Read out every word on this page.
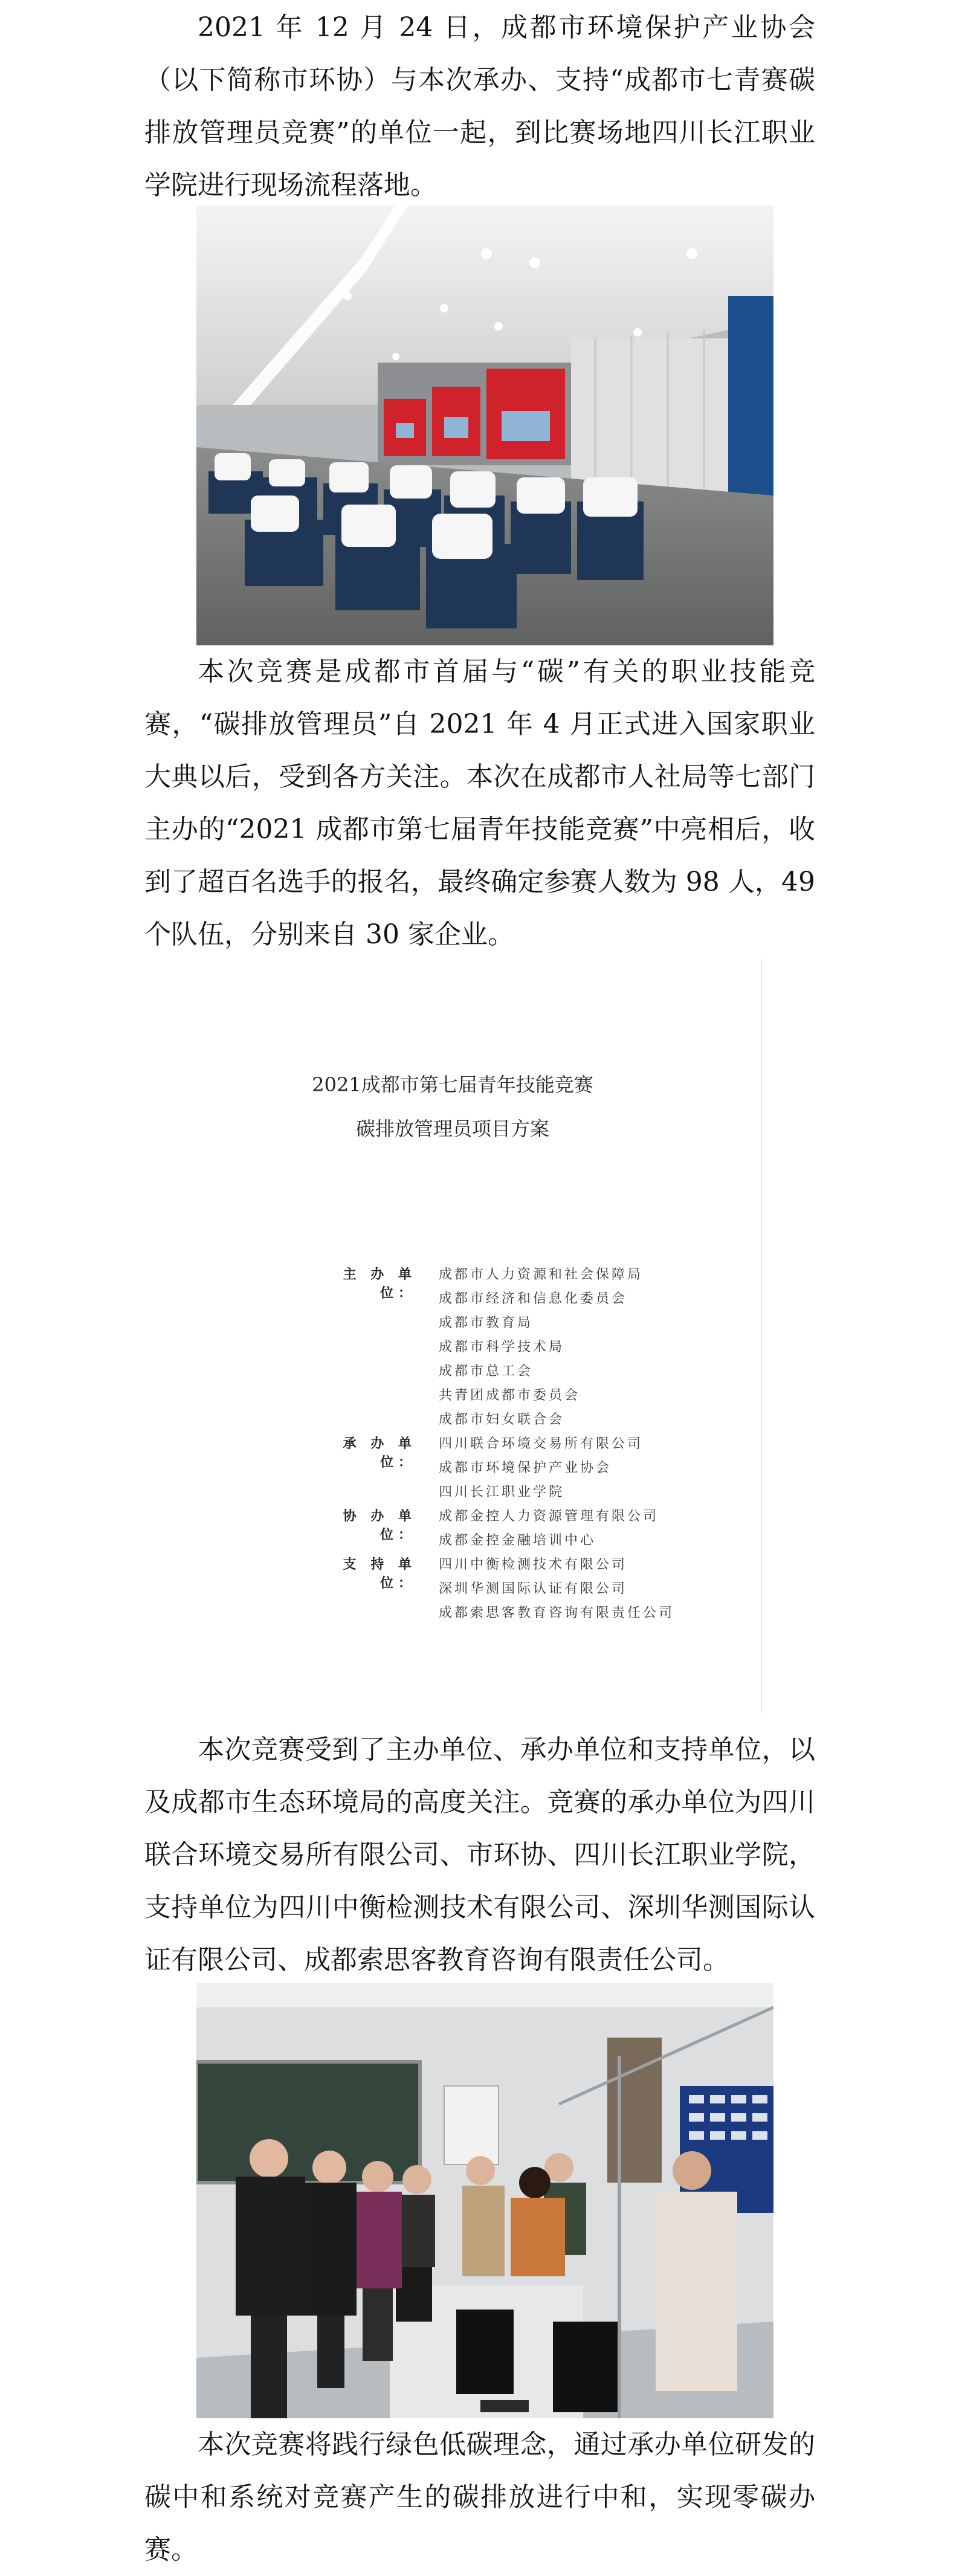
2021 年 12 月 24 日，成都市环境保护产业协会（以下简称市环协）与本次承办、支持“成都市七青赛碳排放管理员竞赛”的单位一起，到比赛场地四川长江职业学院进行现场流程落地。

本次竞赛是成都市首届与“碳”有关的职业技能竞赛，“碳排放管理员”自 2021 年 4 月正式进入国家职业大典以后，受到各方关注。本次在成都市人社局等七部门主办的“2021 成都市第七届青年技能竞赛”中亮相后，收到了超百名选手的报名，最终确定参赛人数为 98 人，49 个队伍，分别来自 30 家企业。

2021成都市第七届青年技能竞赛
碳排放管理员项目方案
主 办 单 位：
成都市人力资源和社会保障局
成都市经济和信息化委员会
成都市教育局
成都市科学技术局
成都市总工会
共青团成都市委员会
成都市妇女联合会
承 办 单 位：
四川联合环境交易所有限公司
成都市环境保护产业协会
四川长江职业学院
协 办 单 位：
成都金控人力资源管理有限公司
成都金控金融培训中心
支 持 单 位：
四川中衡检测技术有限公司
深圳华测国际认证有限公司
成都索思客教育咨询有限责任公司

本次竞赛受到了主办单位、承办单位和支持单位，以及成都市生态环境局的高度关注。竞赛的承办单位为四川联合环境交易所有限公司、市环协、四川长江职业学院，支持单位为四川中衡检测技术有限公司、深圳华测国际认证有限公司、成都索思客教育咨询有限责任公司。

本次竞赛将践行绿色低碳理念，通过承办单位研发的碳中和系统对竞赛产生的碳排放进行中和，实现零碳办赛。
